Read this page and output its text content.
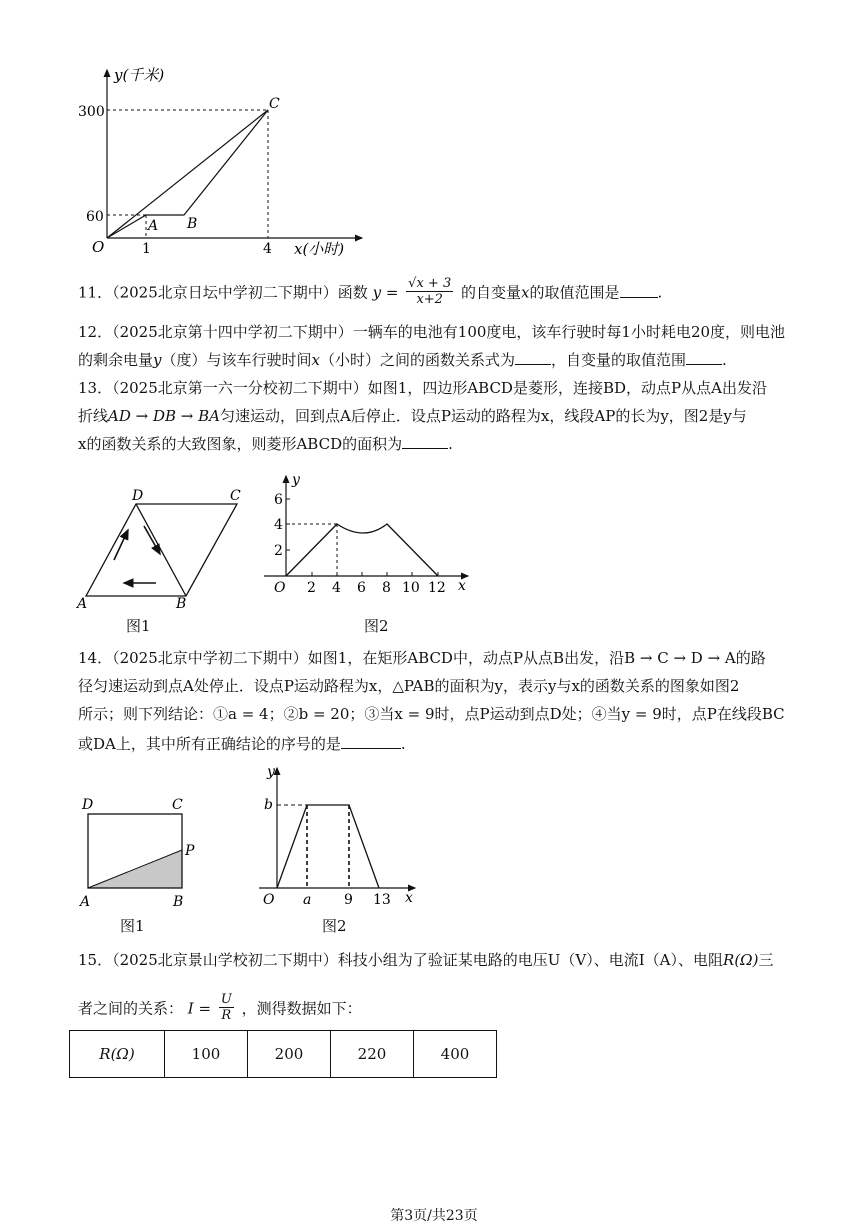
y(千米)
x(小时)
O
300
60
1	4
A B
C
11．（2025北京日坛中学初二下期中）函数 $y = \frac{√x + 3}{x+2}$ 的自变量x的取值范围是	.
12．（2025北京第十四中学初二下期中）一辆车的电池有100度电，该车行驶时每1小时耗电20度，则电池
的剩余电量y（度）与该车行驶时间x（小时）之间的函数关系式为 ，自变量的取值范围 .
13．（2025北京第一六一分校初二下期中）如图1，四边形ABCD是菱形，连接BD，动点P从点A出发沿
折线AD → DB → BA匀速运动，回到点A后停止．设点P运动的路程为x，线段AP的长为y，图2是y与
x的函数关系的大致图象，则菱形ABCD的面积为	.
A	B
C
D
图1
y
x
O
6
4
2
2 4 6 8 10 12
图2
14．（2025北京中学初二下期中）如图1，在矩形ABCD中，动点P从点B出发，沿B → C → D → A的路
径匀速运动到点A处停止．设点P运动路程为x，△PAB的面积为y，表示y与x的函数关系的图象如图2
所示；则下列结论：①a = 4；②b = 20；③当x = 9时，点P运动到点D处；④当y = 9时，点P在线段BC
或DA上，其中所有正确结论的序号的是	.
D	C
A	B
P
图1
y
x
O
b
a 9 13
图2
15．（2025北京景山学校初二下期中）科技小组为了验证某电路的电压U（V）、电流I（A）、电阻R(Ω)三
者之间的关系： $I = \frac{U}{R}$ ，测得数据如下：
R(Ω)	100	200	220	400
第3页/共23页
